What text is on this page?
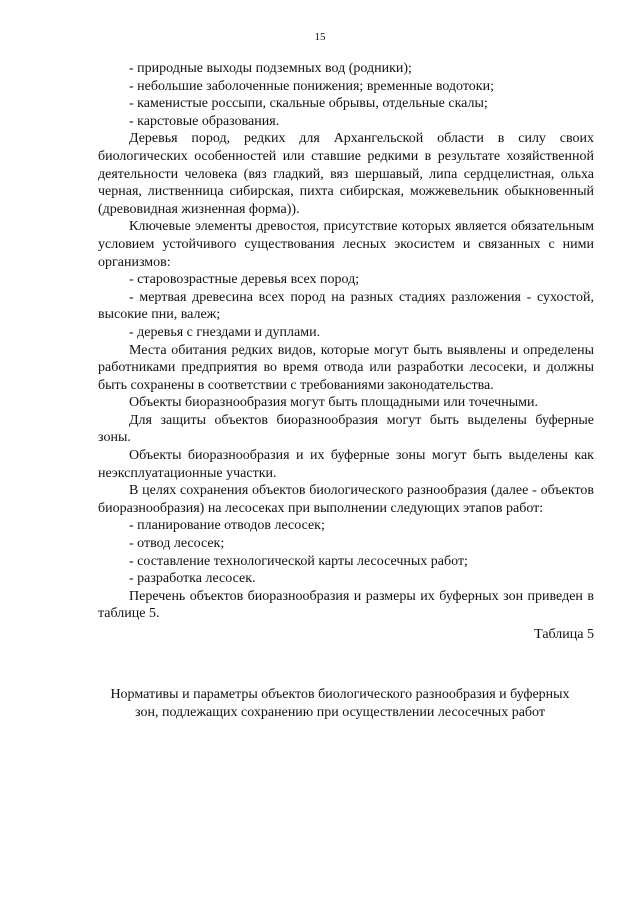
15

- природные выходы подземных вод (родники);

- небольшие заболоченные понижения; временные водотоки;

- каменистые россыпи, скальные обрывы, отдельные скалы;

- карстовые образования.

Деревья пород, редких для Архангельской области в силу своих биологических особенностей или ставшие редкими в результате хозяйственной деятельности человека (вяз гладкий, вяз шершавый, липа сердцелистная, ольха черная, лиственница сибирская, пихта сибирская, можжевельник обыкновенный (древовидная жизненная форма)).

Ключевые элементы древостоя, присутствие которых является обязательным условием устойчивого существования лесных экосистем и связанных с ними организмов:

- старовозрастные деревья всех пород;

- мертвая древесина всех пород на разных стадиях разложения - сухостой, высокие пни, валеж;

- деревья с гнездами и дуплами.

Места обитания редких видов, которые могут быть выявлены и определены работниками предприятия во время отвода или разработки лесосеки, и должны быть сохранены в соответствии с требованиями законодательства.

Объекты биоразнообразия могут быть площадными или точечными.

Для защиты объектов биоразнообразия могут быть выделены буферные зоны.

Объекты биоразнообразия и их буферные зоны могут быть выделены как неэксплуатационные участки.

В целях сохранения объектов биологического разнообразия (далее - объектов биоразнообразия) на лесосеках при выполнении следующих этапов работ:

- планирование отводов лесосек;

- отвод лесосек;

- составление технологической карты лесосечных работ;

- разработка лесосек.

Перечень объектов биоразнообразия и размеры их буферных зон приведен в таблице 5.

Таблица 5
Нормативы и параметры объектов биологического разнообразия и буферных
зон, подлежащих сохранению при осуществлении лесосечных работ
